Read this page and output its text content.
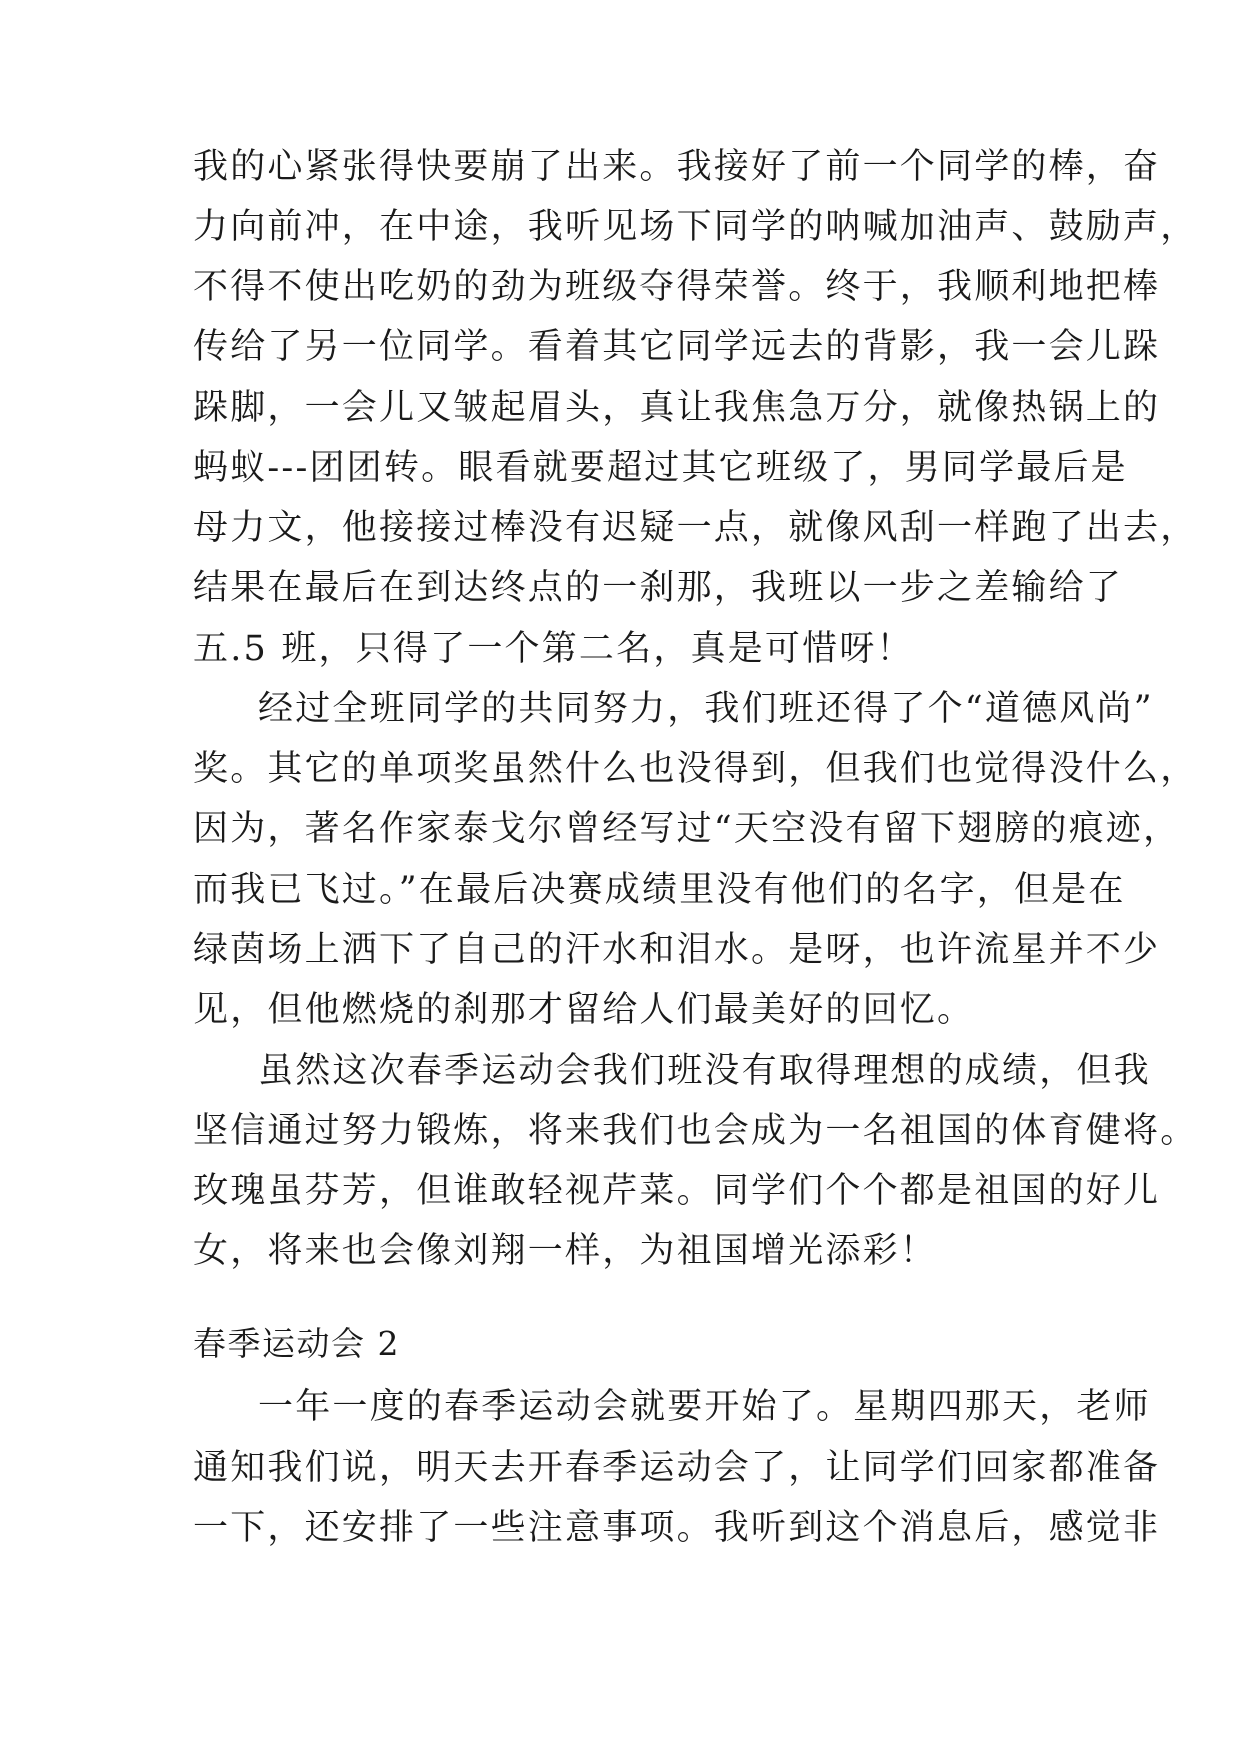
我的心紧张得快要崩了出来。我接好了前一个同学的棒，奋
力向前冲，在中途，我听见场下同学的呐喊加油声、鼓励声，
不得不使出吃奶的劲为班级夺得荣誉。终于，我顺利地把棒
传给了另一位同学。看着其它同学远去的背影，我一会儿跺
跺脚，一会儿又皱起眉头，真让我焦急万分，就像热锅上的
蚂蚁---团团转。眼看就要超过其它班级了，男同学最后是
母力文，他接接过棒没有迟疑一点，就像风刮一样跑了出去，
结果在最后在到达终点的一刹那，我班以一步之差输给了
五.5 班，只得了一个第二名，真是可惜呀！
经过全班同学的共同努力，我们班还得了个“道德风尚”
奖。其它的单项奖虽然什么也没得到，但我们也觉得没什么，
因为，著名作家泰戈尔曾经写过“天空没有留下翅膀的痕迹，
而我已飞过。”在最后决赛成绩里没有他们的名字，但是在
绿茵场上洒下了自己的汗水和泪水。是呀，也许流星并不少
见，但他燃烧的刹那才留给人们最美好的回忆。
虽然这次春季运动会我们班没有取得理想的成绩，但我
坚信通过努力锻炼，将来我们也会成为一名祖国的体育健将。
玫瑰虽芬芳，但谁敢轻视芹菜。同学们个个都是祖国的好儿
女，将来也会像刘翔一样，为祖国增光添彩！
春季运动会 2
一年一度的春季运动会就要开始了。星期四那天，老师
通知我们说，明天去开春季运动会了，让同学们回家都准备
一下，还安排了一些注意事项。我听到这个消息后，感觉非
